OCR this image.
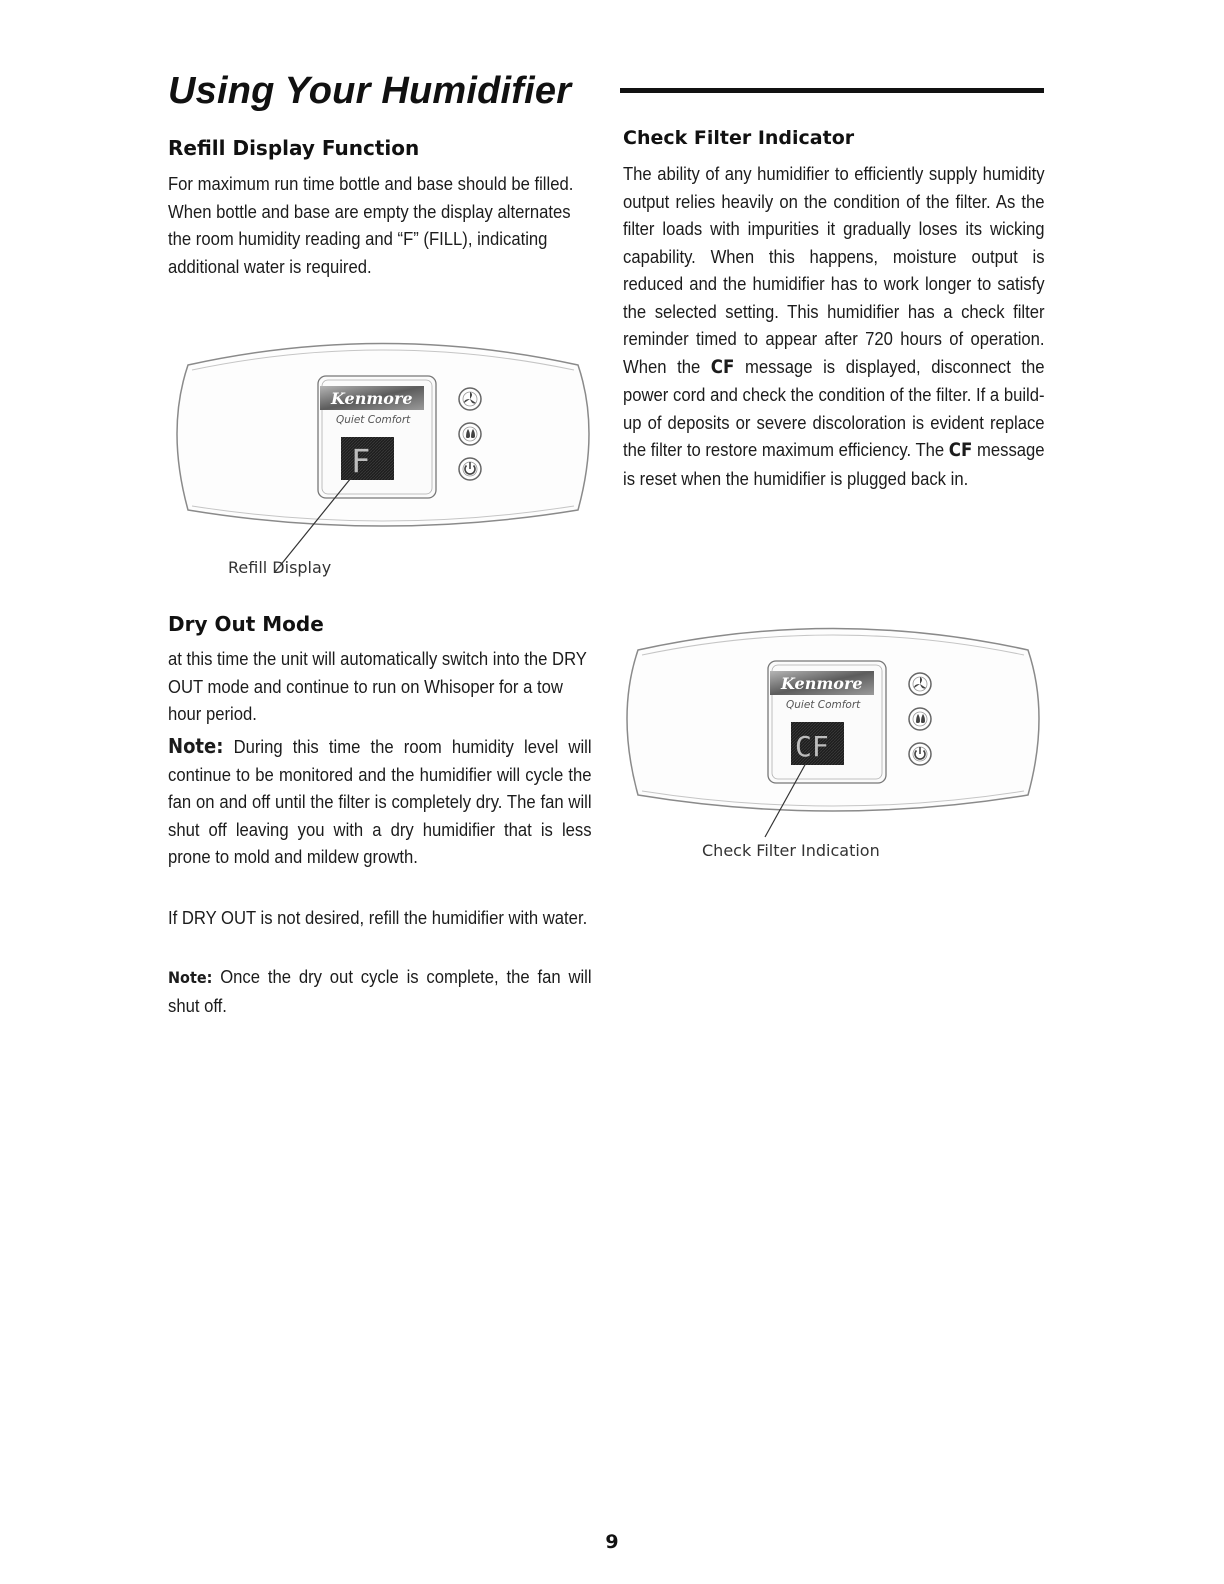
Using Your Humidifier
Refill Display Function

For maximum run time bottle and base should be filled. When bottle and base are empty the display alternates the room humidity reading and “F” (FILL), indicating additional water is required.

Kenmore
Quiet Comfort
F
Refill Display
Check Filter Indicator

The ability of any humidifier to efficiently supply humidity output relies heavily on the condition of the filter. As the filter loads with impurities it gradually loses its wicking capability. When this happens, moisture output is reduced and the humidifier has to work longer to satisfy the selected setting. This humidifier has a check filter reminder timed to appear after 720 hours of operation. When the CF message is displayed, disconnect the power cord and check the condition of the filter. If a build-up of deposits or severe discoloration is evident replace the filter to restore maximum efficiency. The CF message is reset when the humidifier is plugged back in.

Kenmore
Quiet Comfort
CF
Check Filter Indication
Dry Out Mode

at this time the unit will automatically switch into the DRY OUT mode and continue to run on Whisoper for a tow hour period.

Note: During this time the room humidity level will continue to be monitored and the humidifier will cycle the fan on and off until the filter is completely dry. The fan will shut off leaving you with a dry humidifier that is less prone to mold and mildew growth.

If DRY OUT is not desired, refill the humidifier with water.

Note: Once the dry out cycle is complete, the fan will shut off.

9
